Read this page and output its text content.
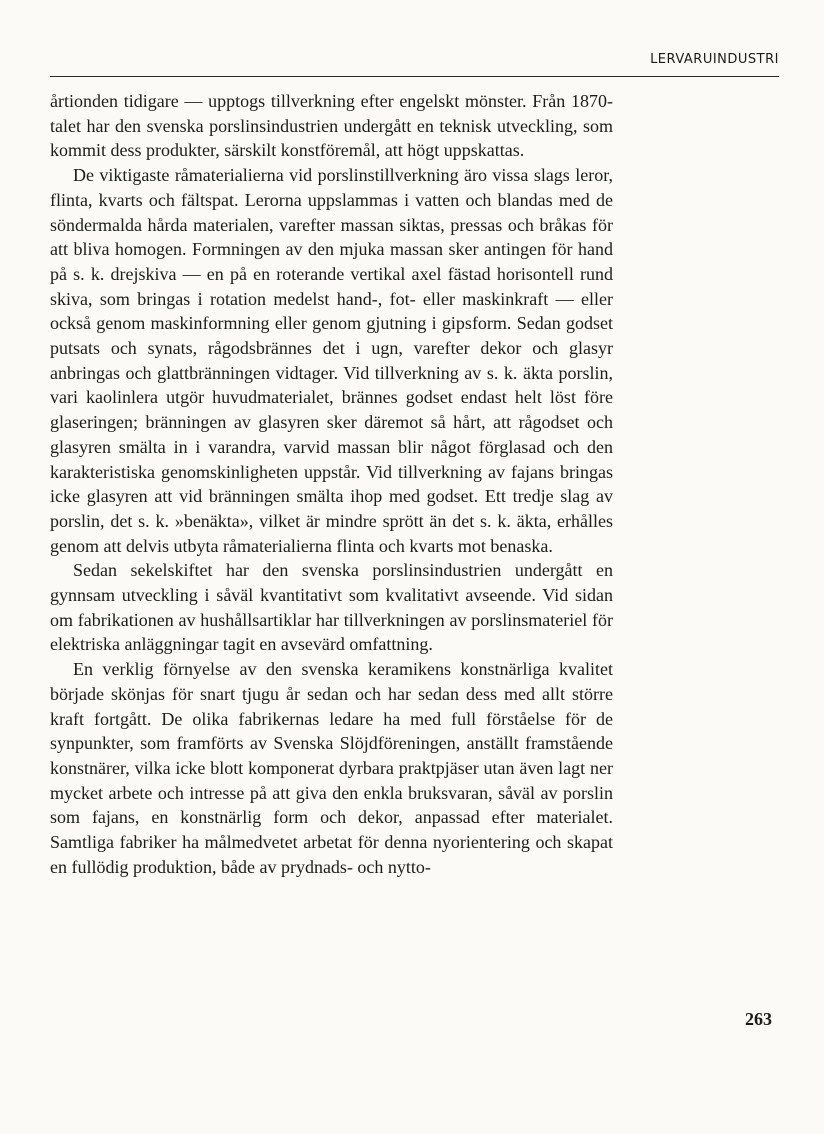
LERVARUINDUSTRI

årtionden tidigare — upptogs tillverkning efter engelskt mönster. Från 1870-talet har den svenska porslinsindustrien undergått en teknisk utveckling, som kommit dess produkter, särskilt konstföremål, att högt uppskattas.

De viktigaste råmaterialierna vid porslinstillverkning äro vissa slags leror, flinta, kvarts och fältspat. Lerorna uppslammas i vatten och blandas med de söndermalda hårda materialen, varefter massan siktas, pressas och bråkas för att bliva homogen. Formningen av den mjuka massan sker antingen för hand på s. k. drejskiva — en på en roterande vertikal axel fästad horisontell rund skiva, som bringas i rotation medelst hand-, fot- eller maskinkraft — eller också genom maskinformning eller genom gjutning i gipsform. Sedan godset putsats och synats, rågodsbrännes det i ugn, varefter dekor och glasyr anbringas och glattbränningen vidtager. Vid tillverkning av s. k. äkta porslin, vari kaolinlera utgör huvudmaterialet, brännes godset endast helt löst före glaseringen; bränningen av glasyren sker däremot så hårt, att rågodset och glasyren smälta in i varandra, varvid massan blir något förglasad och den karakteristiska genomskinligheten uppstår. Vid tillverkning av fajans bringas icke glasyren att vid bränningen smälta ihop med godset. Ett tredje slag av porslin, det s. k. »benäkta», vilket är mindre sprött än det s. k. äkta, erhålles genom att delvis utbyta råmaterialierna flinta och kvarts mot benaska.

Sedan sekelskiftet har den svenska porslinsindustrien undergått en gynnsam utveckling i såväl kvantitativt som kvalitativt avseende. Vid sidan om fabrikationen av hushållsartiklar har tillverkningen av porslinsmateriel för elektriska anläggningar tagit en avsevärd omfattning.

En verklig förnyelse av den svenska keramikens konstnärliga kvalitet började skönjas för snart tjugu år sedan och har sedan dess med allt större kraft fortgått. De olika fabrikernas ledare ha med full förståelse för de synpunkter, som framförts av Svenska Slöjdföreningen, anställt framstående konstnärer, vilka icke blott komponerat dyrbara praktpjäser utan även lagt ner mycket arbete och intresse på att giva den enkla bruksvaran, såväl av porslin som fajans, en konstnärlig form och dekor, anpassad efter materialet. Samtliga fabriker ha målmedvetet arbetat för denna nyorientering och skapat en fullödig produktion, både av prydnads- och nytto-

263
